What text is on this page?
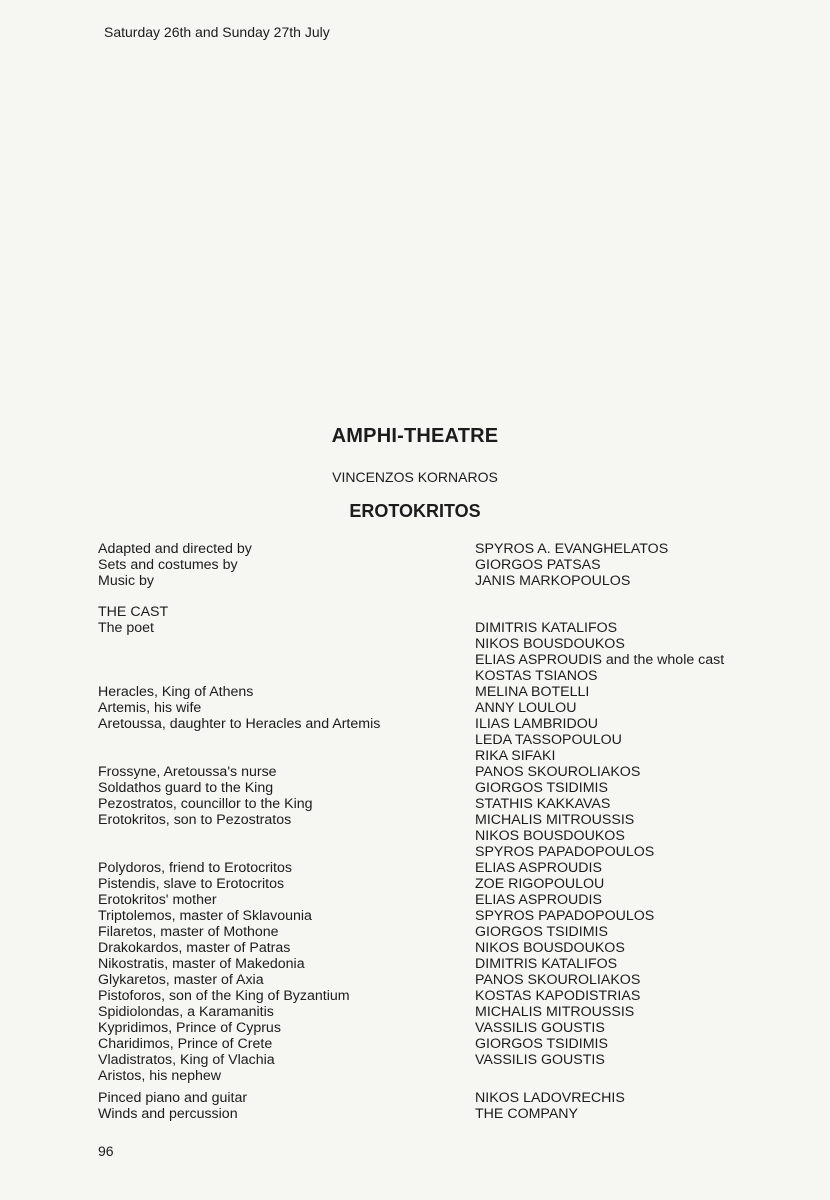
Saturday 26th and Sunday 27th July
AMPHI-THEATRE
VINCENZOS KORNAROS
EROTOKRITOS
Adapted and directed by
Sets and costumes by
Music by
SPYROS A. EVANGHELATOS
GIORGOS PATSAS
JANIS MARKOPOULOS
THE CAST
The poet
Heracles, King of Athens
Artemis, his wife
Aretoussa, daughter to Heracles and Artemis
Frossyne, Aretoussa's nurse
Soldathos guard to the King
Pezostratos, councillor to the King
Erotokritos, son to Pezostratos
Polydoros, friend to Erotocritos
Pistendis, slave to Erotocritos
Erotokritos' mother
Triptolemos, master of Sklavounia
Filaretos, master of Mothone
Drakokardos, master of Patras
Nikostratis, master of Makedonia
Glykaretos, master of Axia
Pistoforos, son of the King of Byzantium
Spidiolondas, a Karamanitis
Kypridimos, Prince of Cyprus
Charidimos, Prince of Crete
Vladistratos, King of Vlachia
Aristos, his nephew
DIMITRIS KATALIFOS
NIKOS BOUSDOUKOS
ELIAS ASPROUDIS and the whole cast
KOSTAS TSIANOS
MELINA BOTELLI
ANNY LOULOU
ILIAS LAMBRIDOU
LEDA TASSOPOULOU
RIKA SIFAKI
PANOS SKOUROLIAKOS
GIORGOS TSIDIMIS
STATHIS KAKKAVAS
MICHALIS MITROUSSIS
NIKOS BOUSDOUKOS
SPYROS PAPADOPOULOS
ELIAS ASPROUDIS
ZOE RIGOPOULOU
ELIAS ASPROUDIS
SPYROS PAPADOPOULOS
GIORGOS TSIDIMIS
NIKOS BOUSDOUKOS
DIMITRIS KATALIFOS
PANOS SKOUROLIAKOS
KOSTAS KAPODISTRIAS
MICHALIS MITROUSSIS
VASSILIS GOUSTIS
GIORGOS TSIDIMIS
VASSILIS GOUSTIS
Pinced piano and guitar
Winds and percussion
NIKOS LADOVRECHIS
THE COMPANY
96
